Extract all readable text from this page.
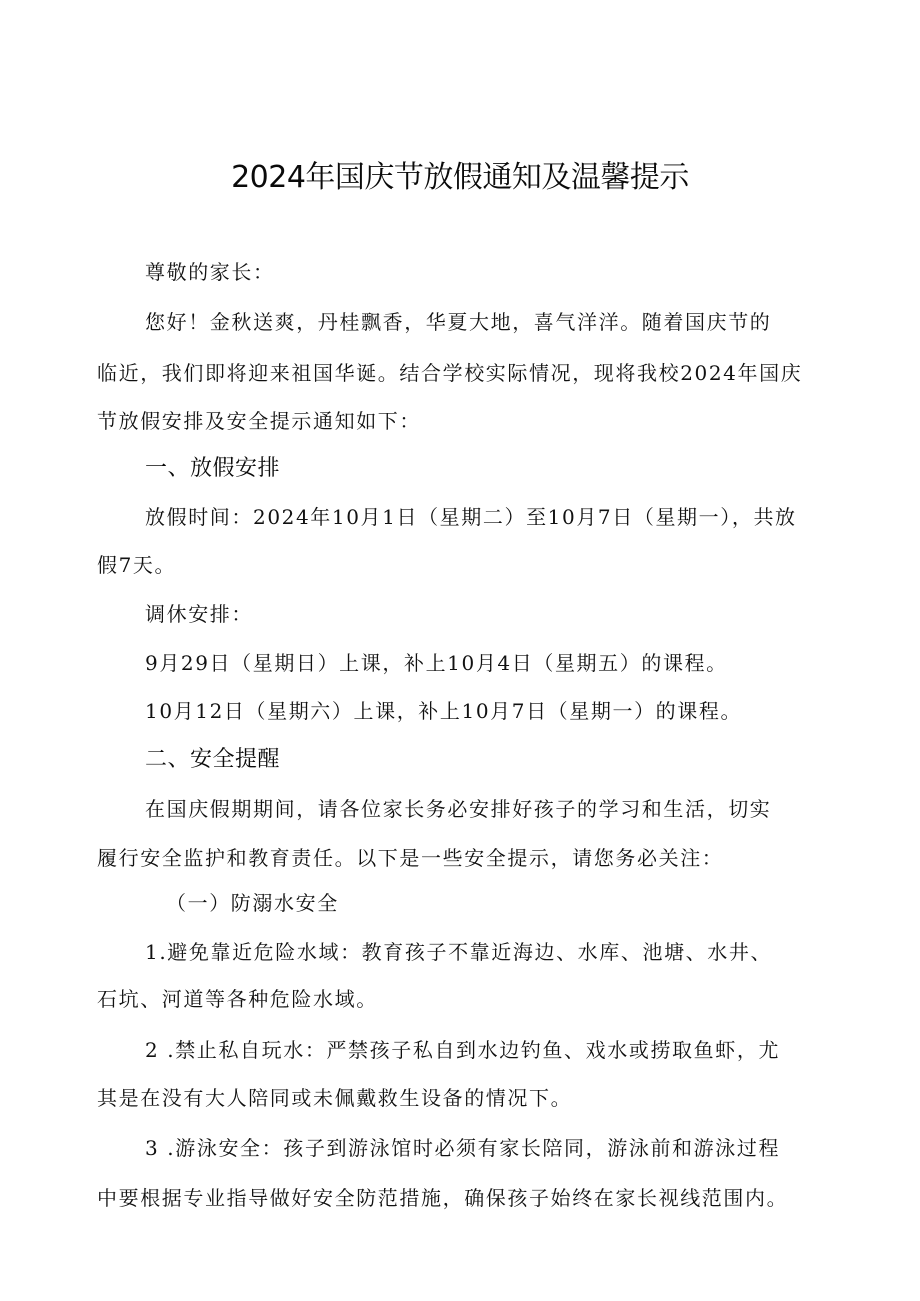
2024年国庆节放假通知及温馨提示
尊敬的家长：
您好！金秋送爽，丹桂飘香，华夏大地，喜气洋洋。随着国庆节的
临近，我们即将迎来祖国华诞。结合学校实际情况，现将我校2024年国庆
节放假安排及安全提示通知如下：
一、放假安排
放假时间：2024年10月1日（星期二）至10月7日（星期一），共放
假7天。
调休安排：
9月29日（星期日）上课，补上10月4日（星期五）的课程。
10月12日（星期六）上课，补上10月7日（星期一）的课程。
二、安全提醒
在国庆假期期间，请各位家长务必安排好孩子的学习和生活，切实
履行安全监护和教育责任。以下是一些安全提示，请您务必关注：
（一）防溺水安全
1.避免靠近危险水域：教育孩子不靠近海边、水库、池塘、水井、
石坑、河道等各种危险水域。
2 .禁止私自玩水：严禁孩子私自到水边钓鱼、戏水或捞取鱼虾，尤
其是在没有大人陪同或未佩戴救生设备的情况下。
3 .游泳安全：孩子到游泳馆时必须有家长陪同，游泳前和游泳过程
中要根据专业指导做好安全防范措施，确保孩子始终在家长视线范围内。
